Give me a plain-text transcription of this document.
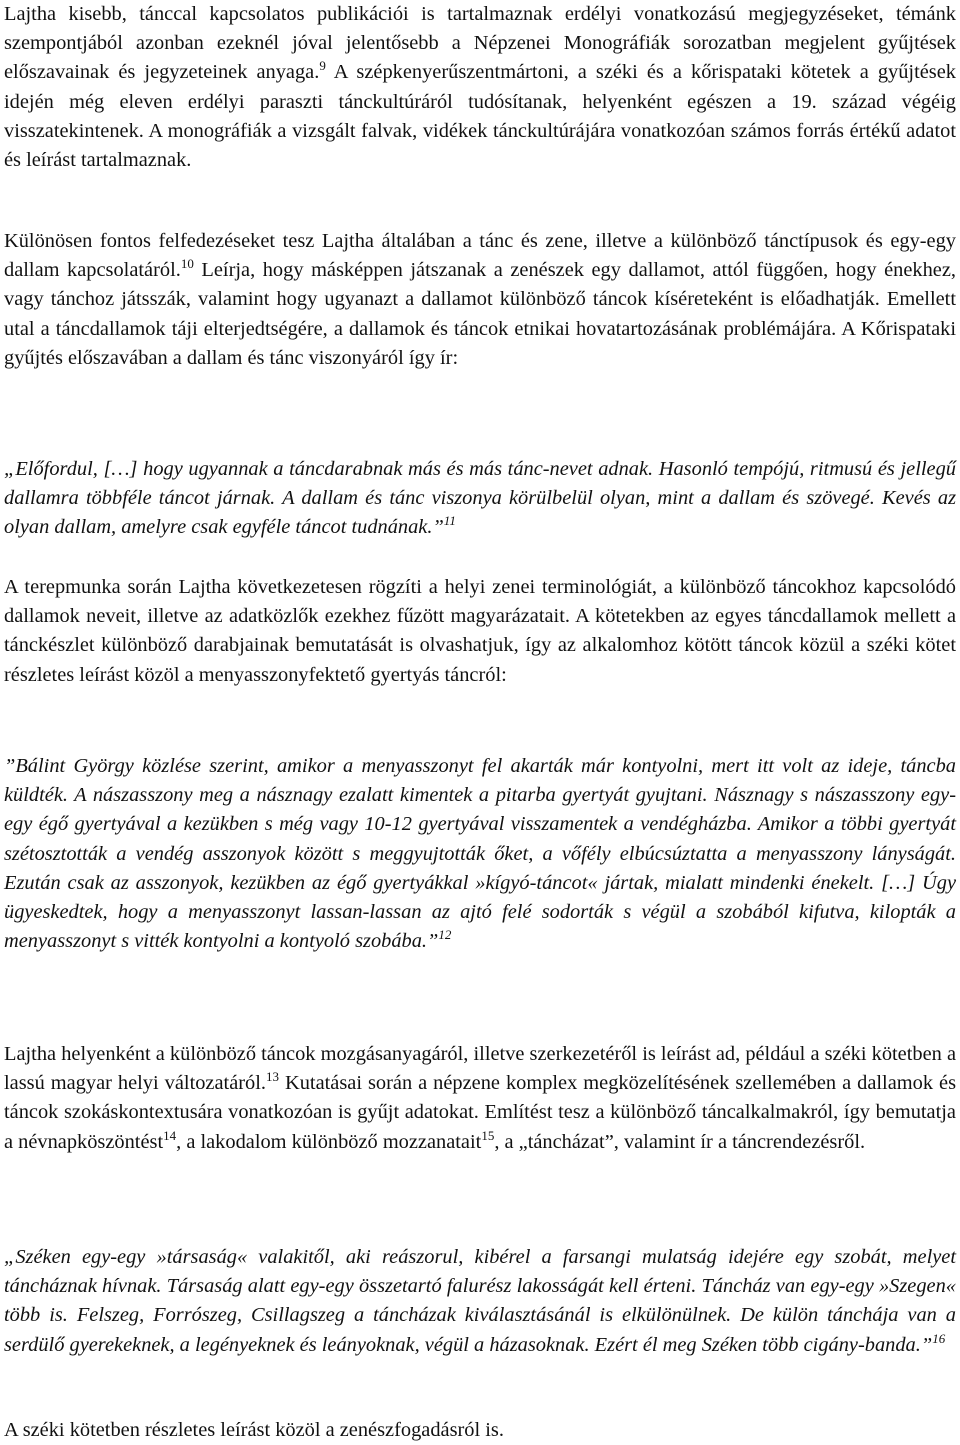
Lajtha kisebb, tánccal kapcsolatos publikációi is tartalmaznak erdélyi vonatkozású megjegyzéseket, témánk szempontjából azonban ezeknél jóval jelentősebb a Népzenei Monográfiák sorozatban megjelent gyűjtések előszavainak és jegyzeteinek anyaga.$^9$ A szépkenyerűszentmártoni, a széki és a kőrispataki kötetek a gyűjtések idején még eleven erdélyi paraszti tánckultúráról tudósítanak, helyenként egészen a 19. század végéig visszatekintenek. A monográfiák a vizsgált falvak, vidékek tánckultúrájára vonatkozóan számos forrás értékű adatot és leírást tartalmaznak.

Különösen fontos felfedezéseket tesz Lajtha általában a tánc és zene, illetve a különböző tánctípusok és egy-egy dallam kapcsolatáról.$^{10}$ Leírja, hogy másképpen játszanak a zenészek egy dallamot, attól függően, hogy énekhez, vagy tánchoz játsszák, valamint hogy ugyanazt a dallamot különböző táncok kíséreteként is előadhatják. Emellett utal a táncdallamok táji elterjedtségére, a dallamok és táncok etnikai hovatartozásának problémájára. A Kőrispataki gyűjtés előszavában a dallam és tánc viszonyáról így ír:

„Előfordul, […] hogy ugyannak a táncdarabnak más és más tánc-nevet adnak. Hasonló tempójú, ritmusú és jellegű dallamra többféle táncot járnak. A dallam és tánc viszonya körülbelül olyan, mint a dallam és szövegé. Kevés az olyan dallam, amelyre csak egyféle táncot tudnának.”$^{11}$

A terepmunka során Lajtha következetesen rögzíti a helyi zenei terminológiát, a különböző táncokhoz kapcsolódó dallamok neveit, illetve az adatközlők ezekhez fűzött magyarázatait. A kötetekben az egyes táncdallamok mellett a tánckészlet különböző darabjainak bemutatását is olvashatjuk, így az alkalomhoz kötött táncok közül a széki kötet részletes leírást közöl a menyasszonyfektető gyertyás táncról:

”Bálint György közlése szerint, amikor a menyasszonyt fel akarták már kontyolni, mert itt volt az ideje, táncba küldték. A nászasszony meg a násznagy ezalatt kimentek a pitarba gyertyát gyujtani. Násznagy s nászasszony egy-egy égő gyertyával a kezükben s még vagy 10-12 gyertyával visszamentek a vendégházba. Amikor a többi gyertyát szétosztották a vendég asszonyok között s meggyujtották őket, a vőfély elbúcsúztatta a menyasszony lányságát. Ezután csak az asszonyok, kezükben az égő gyertyákkal »kígyó-táncot« jártak, mialatt mindenki énekelt. […] Úgy ügyeskedtek, hogy a menyasszonyt lassan-lassan az ajtó felé sodorták s végül a szobából kifutva, kilopták a menyasszonyt s vitték kontyolni a kontyoló szobába.”$^{12}$

Lajtha helyenként a különböző táncok mozgásanyagáról, illetve szerkezetéről is leírást ad, például a széki kötetben a lassú magyar helyi változatáról.$^{13}$ Kutatásai során a népzene komplex megközelítésének szellemében a dallamok és táncok szokáskontextusára vonatkozóan is gyűjt adatokat. Említést tesz a különböző táncalkalmakról, így bemutatja a névnapköszöntést$^{14}$, a lakodalom különböző mozzanatait$^{15}$, a „táncházat”, valamint ír a táncrendezésről.

„Széken egy-egy »társaság« valakitől, aki reászorul, kibérel a farsangi mulatság idejére egy szobát, melyet táncháznak hívnak. Társaság alatt egy-egy összetartó falurész lakosságát kell érteni. Táncház van egy-egy »Szegen« több is. Felszeg, Forrószeg, Csillagszeg a táncházak kiválasztásánál is elkülönülnek. De külön tánchája van a serdülő gyerekeknek, a legényeknek és leányoknak, végül a házasoknak. Ezért él meg Széken több cigány-banda.”$^{16}$

A széki kötetben részletes leírást közöl a zenészfogadásról is.
